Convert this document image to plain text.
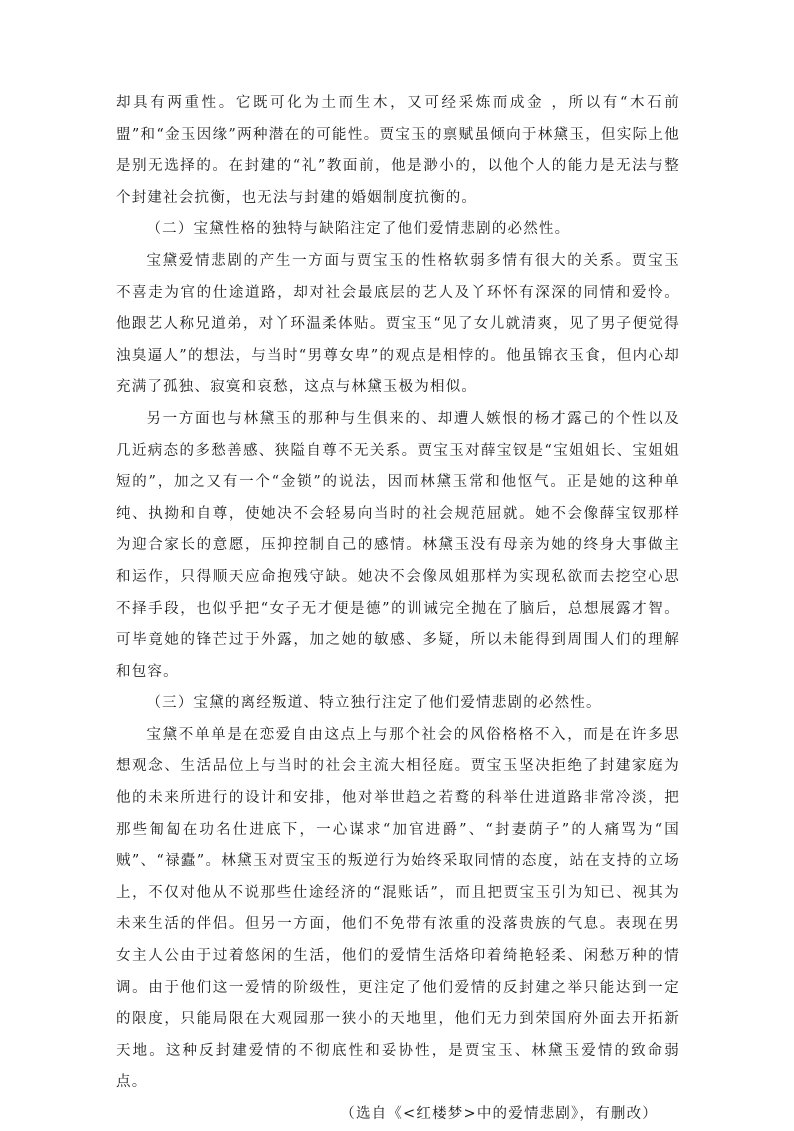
却具有两重性。它既可化为土而生木，又可经采炼而成金 ，所以有“木石前盟”和“金玉因缘”两种潜在的可能性。贾宝玉的禀赋虽倾向于林黛玉，但实际上他是别无选择的。在封建的“礼”教面前，他是渺小的，以他个人的能力是无法与整个封建社会抗衡，也无法与封建的婚姻制度抗衡的。

（二）宝黛性格的独特与缺陷注定了他们爱情悲剧的必然性。

宝黛爱情悲剧的产生一方面与贾宝玉的性格软弱多情有很大的关系。贾宝玉不喜走为官的仕途道路，却对社会最底层的艺人及丫环怀有深深的同情和爱怜。他跟艺人称兄道弟，对丫环温柔体贴。贾宝玉“见了女儿就清爽，见了男子便觉得浊臭逼人”的想法，与当时“男尊女卑”的观点是相悖的。他虽锦衣玉食，但内心却充满了孤独、寂寞和哀愁，这点与林黛玉极为相似。

另一方面也与林黛玉的那种与生俱来的、却遭人嫉恨的杨才露己的个性以及几近病态的多愁善感、狭隘自尊不无关系。贾宝玉对薛宝钗是“宝姐姐长、宝姐姐短的”，加之又有一个“金锁”的说法，因而林黛玉常和他怄气。正是她的这种单纯、执拗和自尊，使她决不会轻易向当时的社会规范屈就。她不会像薛宝钗那样为迎合家长的意愿，压抑控制自己的感情。林黛玉没有母亲为她的终身大事做主和运作，只得顺天应命抱残守缺。她决不会像凤姐那样为实现私欲而去挖空心思不择手段，也似乎把“女子无才便是德”的训诫完全抛在了脑后，总想展露才智。可毕竟她的锋芒过于外露，加之她的敏感、多疑，所以未能得到周围人们的理解和包容。

（三）宝黛的离经叛道、特立独行注定了他们爱情悲剧的必然性。

宝黛不单单是在恋爱自由这点上与那个社会的风俗格格不入，而是在许多思想观念、生活品位上与当时的社会主流大相径庭。贾宝玉坚决拒绝了封建家庭为他的未来所进行的设计和安排，他对举世趋之若鹜的科举仕进道路非常冷淡，把那些匍匐在功名仕进底下，一心谋求“加官进爵”、“封妻荫子”的人痛骂为“国贼”、“禄蠹”。林黛玉对贾宝玉的叛逆行为始终采取同情的态度，站在支持的立场上，不仅对他从不说那些仕途经济的“混账话”，而且把贾宝玉引为知已、视其为未来生活的伴侣。但另一方面，他们不免带有浓重的没落贵族的气息。表现在男女主人公由于过着悠闲的生活，他们的爱情生活烙印着绮艳轻柔、闲愁万种的情调。由于他们这一爱情的阶级性，更注定了他们爱情的反封建之举只能达到一定的限度，只能局限在大观园那一狭小的天地里，他们无力到荣国府外面去开拓新天地。这种反封建爱情的不彻底性和妥协性，是贾宝玉、林黛玉爱情的致命弱点。

（选自《<红楼梦>中的爱情悲剧》，有删改）
